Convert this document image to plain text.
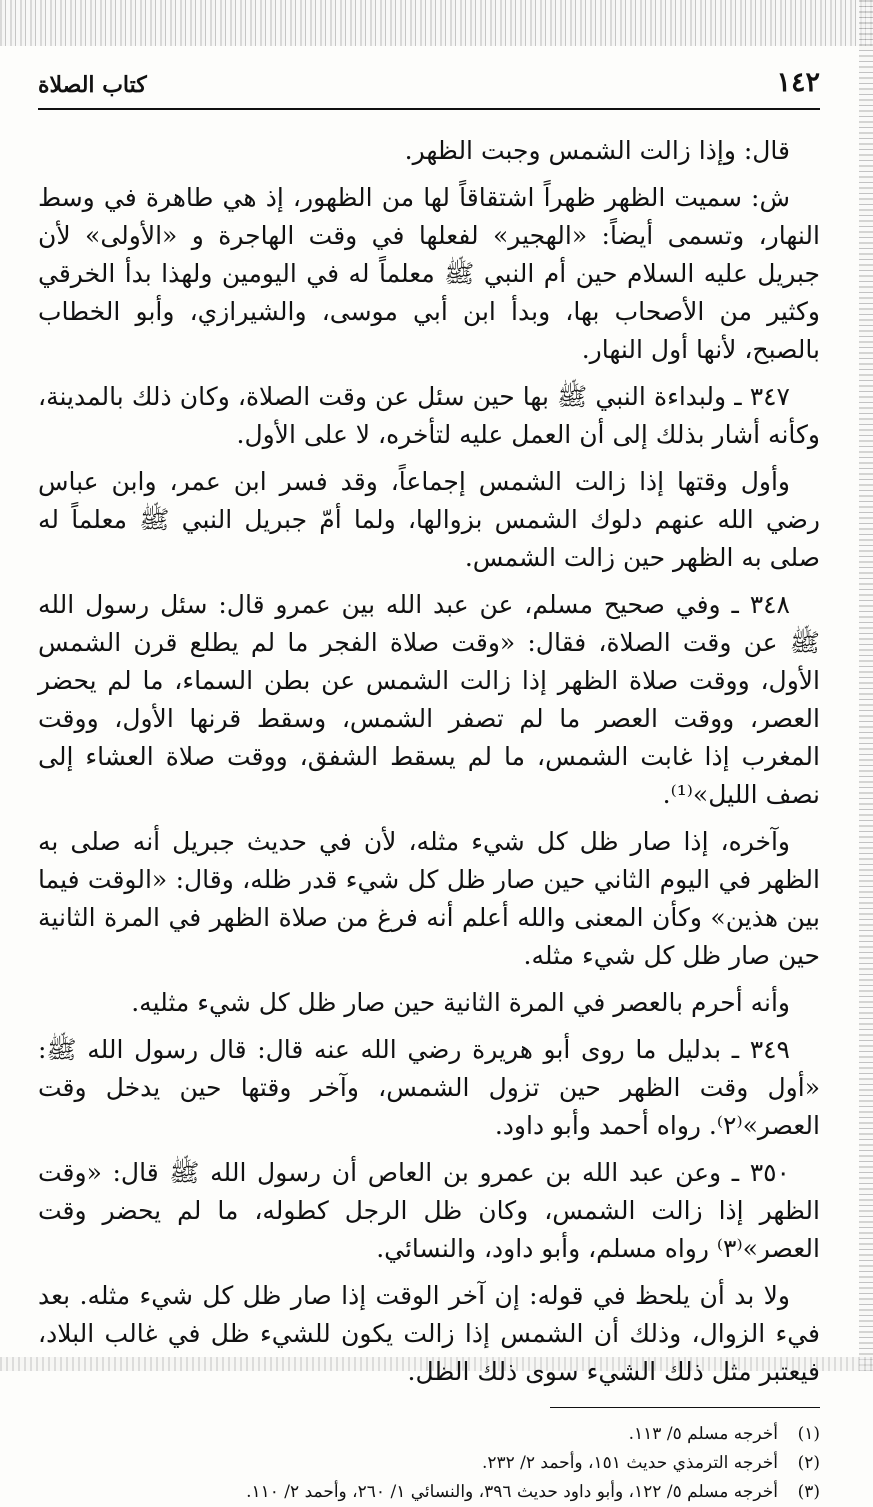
١٤٢
كتاب الصلاة

قال: وإذا زالت الشمس وجبت الظهر.

ش: سميت الظهر ظهراً اشتقاقاً لها من الظهور، إذ هي طاهرة في وسط النهار، وتسمى أيضاً: «الهجير» لفعلها في وقت الهاجرة و «الأولى» لأن جبريل عليه السلام حين أم النبي ﷺ معلماً له في اليومين ولهذا بدأ الخرقي وكثير من الأصحاب بها، وبدأ ابن أبي موسى، والشيرازي، وأبو الخطاب بالصبح، لأنها أول النهار.

٣٤٧ ـ ولبداءة النبي ﷺ بها حين سئل عن وقت الصلاة، وكان ذلك بالمدينة، وكأنه أشار بذلك إلى أن العمل عليه لتأخره، لا على الأول.

وأول وقتها إذا زالت الشمس إجماعاً، وقد فسر ابن عمر، وابن عباس رضي الله عنهم دلوك الشمس بزوالها، ولما أمّ جبريل النبي ﷺ معلماً له صلى به الظهر حين زالت الشمس.

٣٤٨ ـ وفي صحيح مسلم، عن عبد الله بين عمرو قال: سئل رسول الله ﷺ عن وقت الصلاة، فقال: «وقت صلاة الفجر ما لم يطلع قرن الشمس الأول، ووقت صلاة الظهر إذا زالت الشمس عن بطن السماء، ما لم يحضر العصر، ووقت العصر ما لم تصفر الشمس، وسقط قرنها الأول، ووقت المغرب إذا غابت الشمس، ما لم يسقط الشفق، ووقت صلاة العشاء إلى نصف الليل»⁽¹⁾.

وآخره، إذا صار ظل كل شيء مثله، لأن في حديث جبريل أنه صلى به الظهر في اليوم الثاني حين صار ظل كل شيء قدر ظله، وقال: «الوقت فيما بين هذين» وكأن المعنى والله أعلم أنه فرغ من صلاة الظهر في المرة الثانية حين صار ظل كل شيء مثله.

وأنه أحرم بالعصر في المرة الثانية حين صار ظل كل شيء مثليه.

٣٤٩ ـ بدليل ما روى أبو هريرة رضي الله عنه قال: قال رسول الله ﷺ: «أول وقت الظهر حين تزول الشمس، وآخر وقتها حين يدخل وقت العصر»⁽٢⁾. رواه أحمد وأبو داود.

٣٥٠ ـ وعن عبد الله بن عمرو بن العاص أن رسول الله ﷺ قال: «وقت الظهر إذا زالت الشمس، وكان ظل الرجل كطوله، ما لم يحضر وقت العصر»⁽٣⁾ رواه مسلم، وأبو داود، والنسائي.

ولا بد أن يلحظ في قوله: إن آخر الوقت إذا صار ظل كل شيء مثله. بعد فيء الزوال، وذلك أن الشمس إذا زالت يكون للشيء ظل في غالب البلاد، فيعتبر مثل ذلك الشيء سوى ذلك الظل.

(١)
أخرجه مسلم ٥/ ١١٣.
(٢)
أخرجه الترمذي حديث ١٥١، وأحمد ٢/ ٢٣٢.
(٣)
أخرجه مسلم ٥/ ١٢٢، وأبو داود حديث ٣٩٦، والنسائي ١/ ٢٦٠، وأحمد ٢/ ١١٠.
